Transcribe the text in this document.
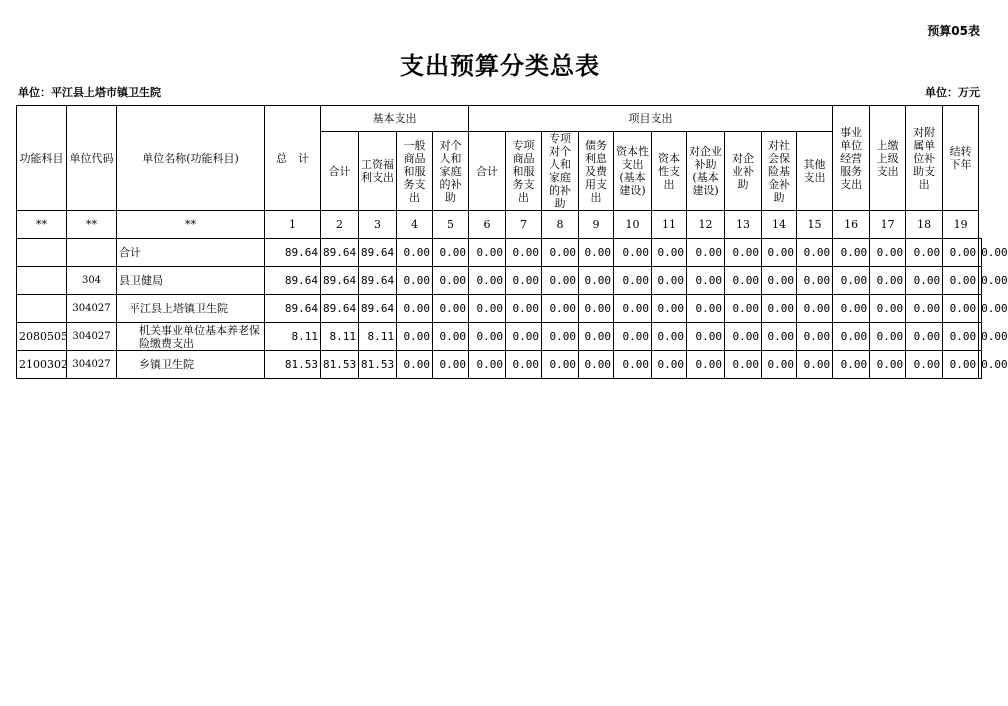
预算05表
支出预算分类总表
单位：平江县上塔市镇卫生院	单位：万元
功能科目	单位代码	单位名称(功能科目)	总　计	基本支出				项目支出										事业单位经营服务支出	上缴上级支出	对附属单位补助支出	结转下年	
				合计	工资福利支出	一般商品和服务支出	对个人和家庭的补助	合计	专项商品和服务支出	专项对个人和家庭的补助	债务利息及费用支出	资本性支出(基本建设)	资本性支出	对企业补助(基本建设)	对企业补助	对社会保险基金补助	其他支出					
**	**	**	1	2	3	4	5	6	7	8	9	10	11	12	13	14	15	16	17	18	19	
		合计	89.64	89.64	89.64	0.00	0.00	0.00	0.00	0.00	0.00	0.00	0.00	0.00	0.00	0.00	0.00	0.00	0.00	0.00	0.00	0.00
	304	县卫健局	89.64	89.64	89.64	0.00	0.00	0.00	0.00	0.00	0.00	0.00	0.00	0.00	0.00	0.00	0.00	0.00	0.00	0.00	0.00	0.00
	304027	平江县上塔镇卫生院	89.64	89.64	89.64	0.00	0.00	0.00	0.00	0.00	0.00	0.00	0.00	0.00	0.00	0.00	0.00	0.00	0.00	0.00	0.00	0.00
2080505	304027	机关事业单位基本养老保险缴费支出	8.11	8.11	8.11	0.00	0.00	0.00	0.00	0.00	0.00	0.00	0.00	0.00	0.00	0.00	0.00	0.00	0.00	0.00	0.00	0.00
2100302	304027	乡镇卫生院	81.53	81.53	81.53	0.00	0.00	0.00	0.00	0.00	0.00	0.00	0.00	0.00	0.00	0.00	0.00	0.00	0.00	0.00	0.00	0.00
